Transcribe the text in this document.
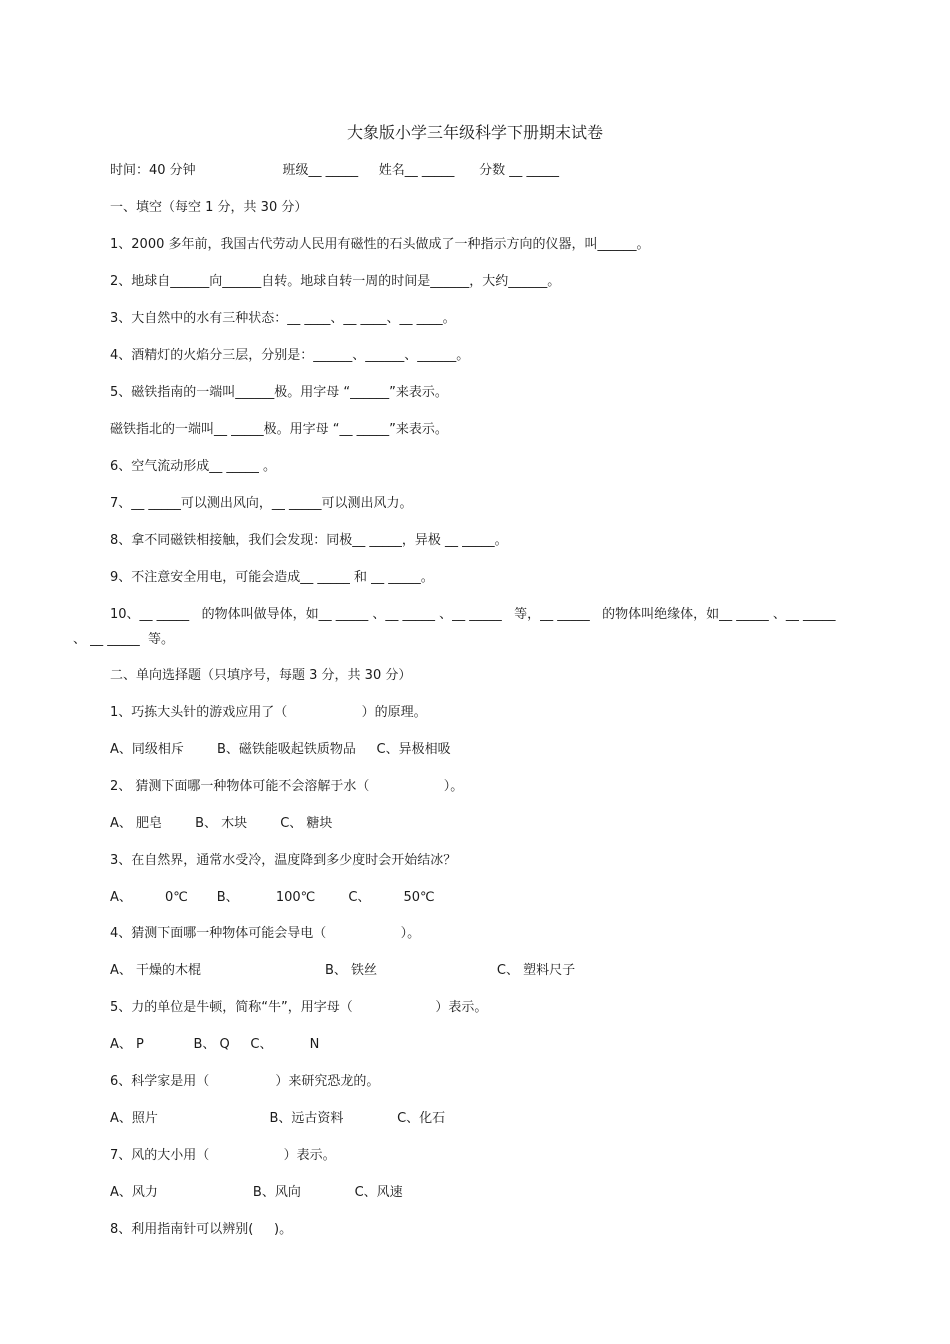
大象版小学三年级科学下册期末试卷
时间：40 分钟                     班级__ _____     姓名__ _____      分数 __ _____
一、填空（每空 1 分，共 30 分）
1、2000 多年前，我国古代劳动人民用有磁性的石头做成了一种指示方向的仪器，叫______。
2、地球自______向______自转。地球自转一周的时间是______，大约______。
3、大自然中的水有三种状态：__ ____、__ ____、__ ____。
4、酒精灯的火焰分三层，分别是：______、______、______。
5、磁铁指南的一端叫______极。用字母 “______”来表示。
磁铁指北的一端叫__ _____极。用字母 “__ _____”来表示。
6、空气流动形成__ _____ 。
7、__ _____可以测出风向，__ _____可以测出风力。
8、拿不同磁铁相接触，我们会发现：同极__ _____，异极 __ _____。
9、不注意安全用电，可能会造成__ _____ 和 __ _____。
10、__ _____   的物体叫做导体，如__ _____ 、__ _____ 、__ _____   等，__ _____   的物体叫绝缘体，如__ _____ 、__ _____
、 __ _____  等。
二、单向选择题（只填序号，每题 3 分，共 30 分）
1、巧拣大头针的游戏应用了（                  ）的原理。
A、同级相斥        B、磁铁能吸起铁质物品     C、异极相吸
2、 猜测下面哪一种物体可能不会溶解于水（                  ）。
A、 肥皂        B、 木块        C、 糖块
3、在自然界，通常水受冷，温度降到多少度时会开始结冰？
A、        0℃       B、         100℃        C、        50℃
4、猜测下面哪一种物体可能会导电（                  ）。
A、 干燥的木棍                              B、 铁丝                             C、 塑料尺子
5、力的单位是牛顿，简称“牛”，用字母（                    ）表示。
A、 P            B、 Q     C、         N
6、科学家是用（                ）来研究恐龙的。
A、照片                           B、远古资料             C、化石
7、风的大小用（                  ）表示。
A、风力                       B、风向             C、风速
8、利用指南针可以辨别(     )。
